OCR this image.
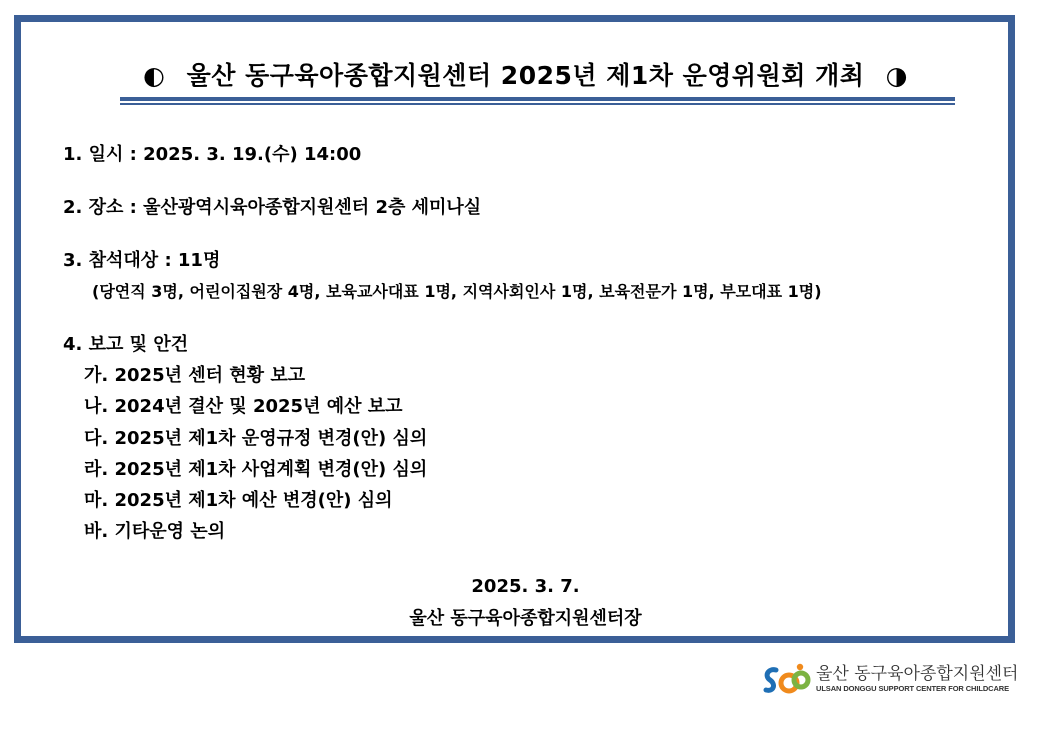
◐ 울산 동구육아종합지원센터 2025년 제1차 운영위원회 개최 ◑
1. 일시 : 2025. 3. 19.(수) 14:00
2. 장소 : 울산광역시육아종합지원센터 2층 세미나실
3. 참석대상 : 11명
(당연직 3명, 어린이집원장 4명, 보육교사대표 1명, 지역사회인사 1명, 보육전문가 1명, 부모대표 1명)
4. 보고 및 안건
가. 2025년 센터 현황 보고
나. 2024년 결산 및 2025년 예산 보고
다. 2025년 제1차 운영규정 변경(안) 심의
라. 2025년 제1차 사업계획 변경(안) 심의
마. 2025년 제1차 예산 변경(안) 심의
바. 기타운영 논의
2025. 3. 7.
울산 동구육아종합지원센터장
울산 동구육아종합지원센터
ULSAN DONGGU SUPPORT CENTER FOR CHILDCARE
